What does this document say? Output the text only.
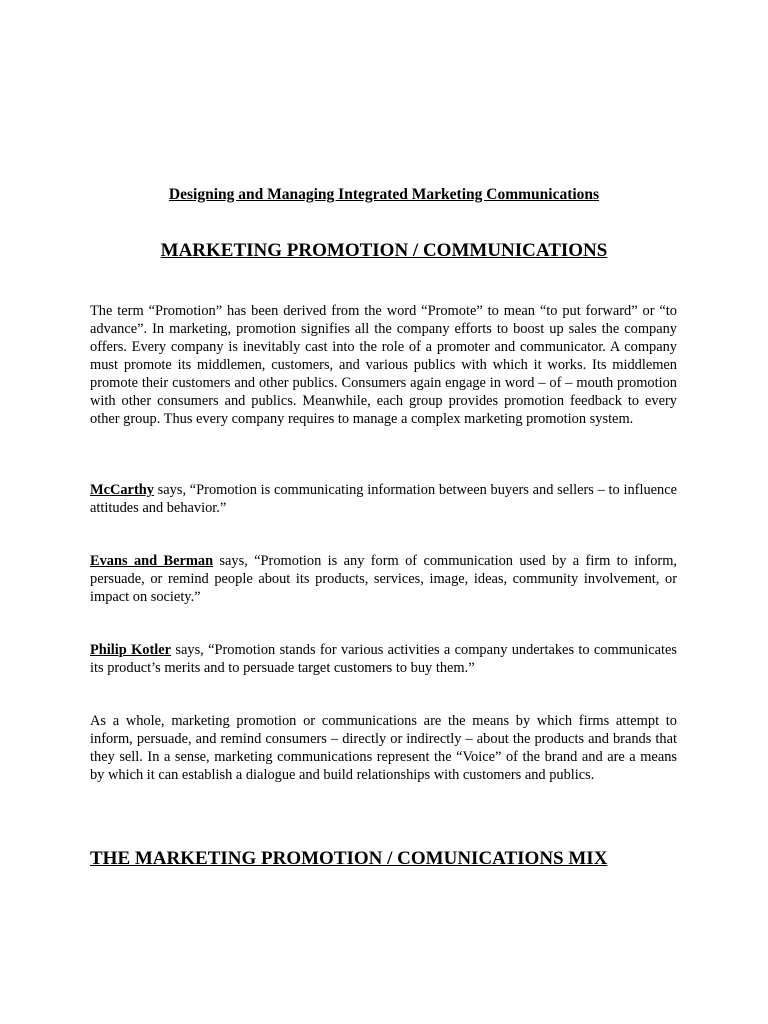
Designing and Managing Integrated Marketing Communications
MARKETING PROMOTION / COMMUNICATIONS

The term “Promotion” has been derived from the word “Promote” to mean “to put forward” or “to advance”. In marketing, promotion signifies all the company efforts to boost up sales the company offers. Every company is inevitably cast into the role of a promoter and communicator. A company must promote its middlemen, customers, and various publics with which it works. Its middlemen promote their customers and other publics. Consumers again engage in word – of – mouth promotion with other consumers and publics. Meanwhile, each group provides promotion feedback to every other group. Thus every company requires to manage a complex marketing promotion system.

McCarthy says, “Promotion is communicating information between buyers and sellers – to influence attitudes and behavior.”

Evans and Berman says, “Promotion is any form of communication used by a firm to inform, persuade, or remind people about its products, services, image, ideas, community involvement, or impact on society.”

Philip Kotler says, “Promotion stands for various activities a company undertakes to communicates its product’s merits and to persuade target customers to buy them.”

As a whole, marketing promotion or communications are the means by which firms attempt to inform, persuade, and remind consumers – directly or indirectly – about the products and brands that they sell. In a sense, marketing communications represent the “Voice” of the brand and are a means by which it can establish a dialogue and build relationships with customers and publics.

THE MARKETING PROMOTION / COMUNICATIONS MIX
